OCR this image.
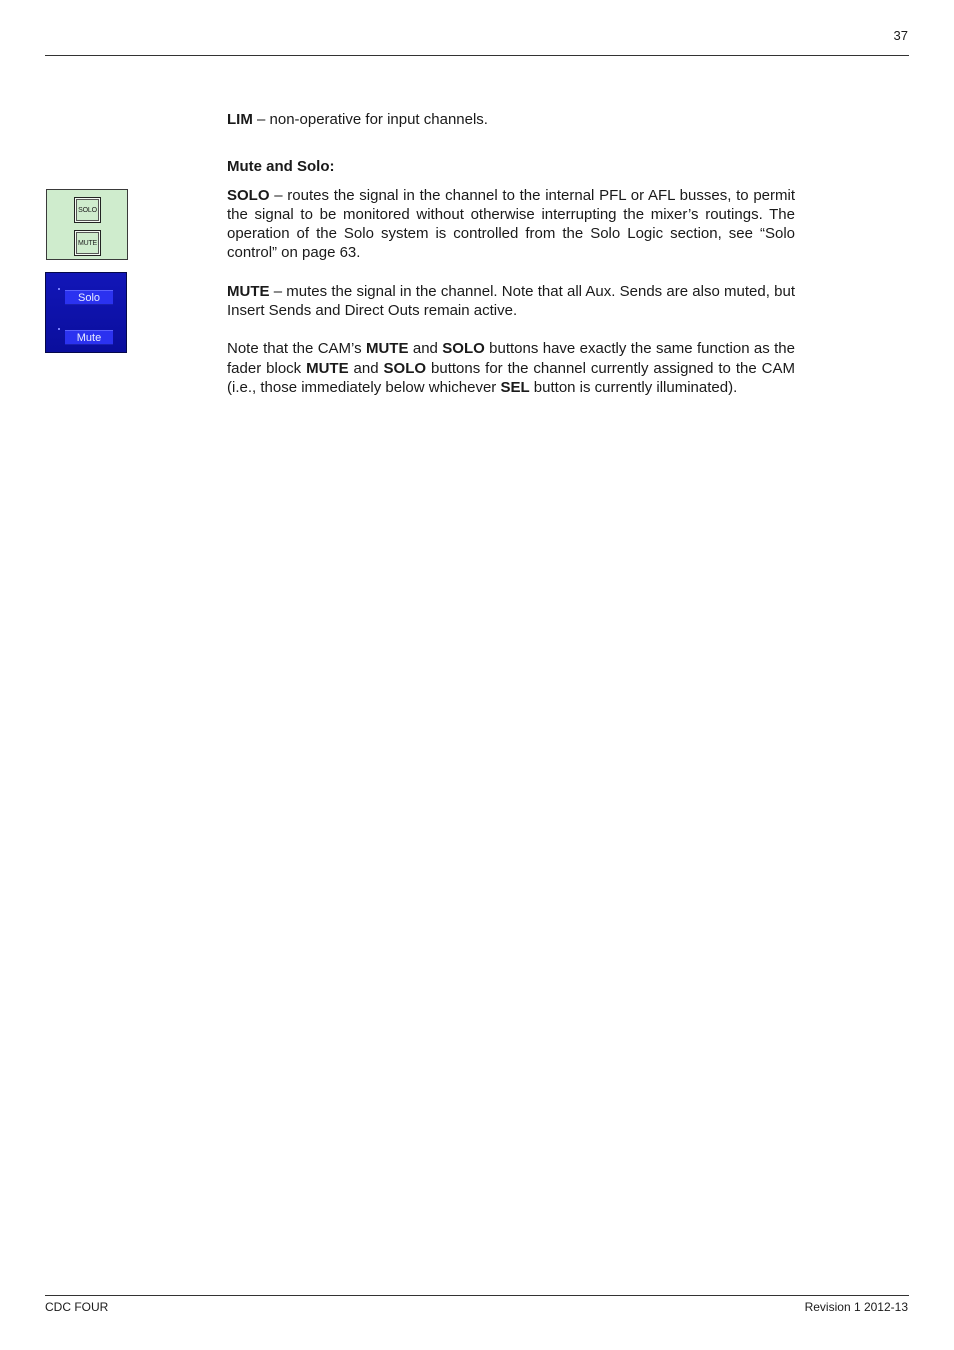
37
SOLO
MUTE
Solo
Mute

LIM – non-operative for input channels.

Mute and Solo:

SOLO – routes the signal in the channel to the internal PFL or AFL busses, to permit the signal to be monitored without otherwise interrupting the mixer’s routings. The operation of the Solo system is controlled from the Solo Logic section, see “Solo control” on page 63.

MUTE – mutes the signal in the channel. Note that all Aux. Sends are also muted, but Insert Sends and Direct Outs remain active.

Note that the CAM’s MUTE and SOLO buttons have exactly the same function as the fader block MUTE and SOLO buttons for the channel currently assigned to the CAM (i.e., those immediately below whichever SEL button is currently illuminated).

CDC FOUR	Revision 1 2012-13
